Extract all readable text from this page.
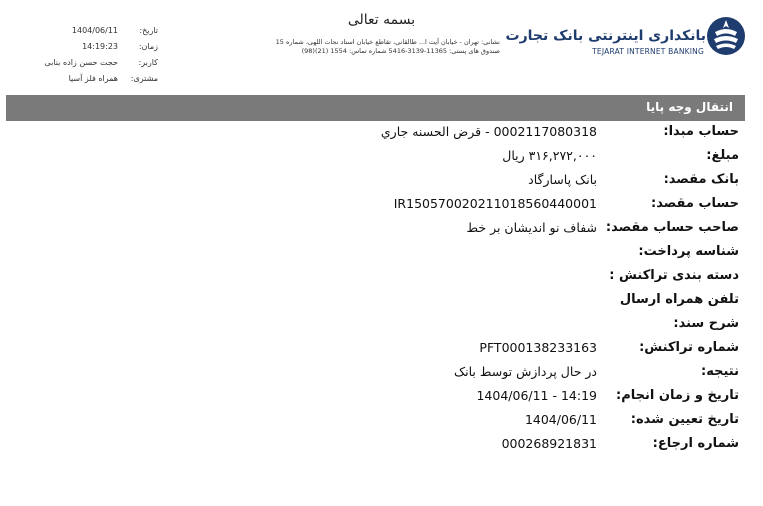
بسمه تعالی
نشانی: تهران - خیابان آیت ا... طالقانی، تقاطع خیابان استاد نجات اللهی، شماره 15
صندوق های پستی: 11365-3139-5416 شماره تماس: 1554 (21)(98)
تاریخ:
1404/06/11
زمان:
14:19:23
کاربر:
حجت حسن زاده بنابی
مشتری:
همراه فلز آسیا
بانکداری اینترنتی بانک تجارت
TEJARAT INTERNET BANKING
انتقال وجه پایا
حساب مبدا:
0002117080318 - قرض الحسنه جاري
مبلغ:
۳۱۶,۲۷۲,۰۰۰ ریال
بانک مقصد:
بانک پاسارگاد
حساب مقصد:
IR150570020211018560440001
صاحب حساب مقصد:
شفاف نو اندیشان بر خط
شناسه پرداخت:
دسته بندی تراکنش :
تلفن همراه ارسال
شرح سند:
شماره تراکنش:
PFT000138233163
نتیجه:
در حال پردازش توسط بانک
تاریخ و زمان انجام:
1404/06/11 - 14:19
تاریخ تعیین شده:
1404/06/11
شماره ارجاع:
000268921831
